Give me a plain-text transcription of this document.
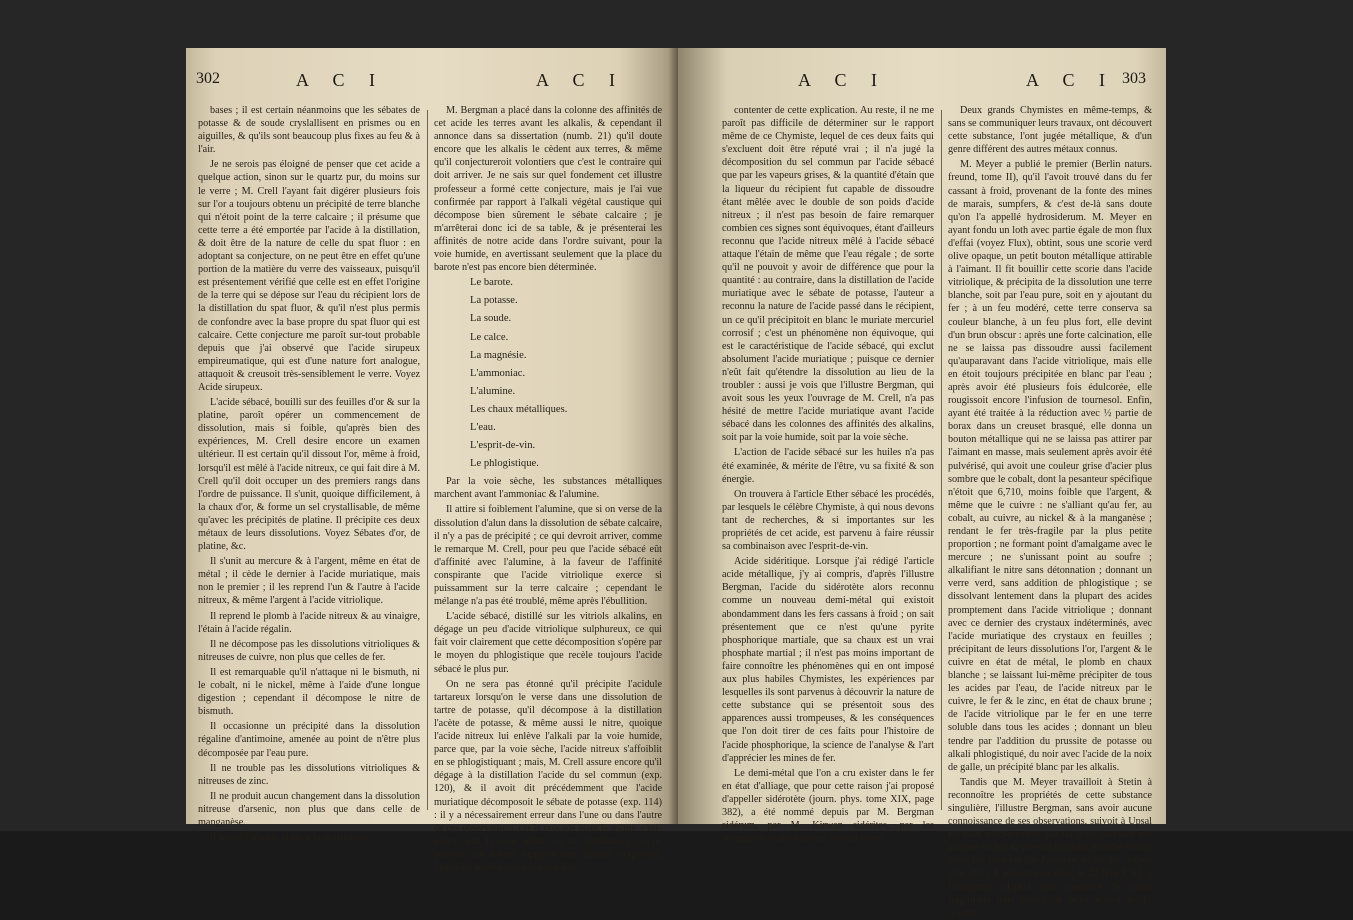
302	A C I	A C I

bases ; il est certain néanmoins que les sébates de potasse & de soude cryslallisent en prismes ou en aiguilles, & qu'ils sont beaucoup plus fixes au feu & à l'air.

Je ne serois pas éloigné de penser que cet acide a quelque action, sinon sur le quartz pur, du moins sur le verre ; M. Crell l'ayant fait digérer plusieurs fois sur l'or a toujours obtenu un précipité de terre blanche qui n'étoit point de la terre calcaire ; il présume que cette terre a été emportée par l'acide à la distillation, & doit être de la nature de celle du spat fluor : en adoptant sa conjecture, on ne peut être en effet qu'une portion de la matière du verre des vaisseaux, puisqu'il est présentement vérifié que celle est en effet l'origine de la terre qui se dépose sur l'eau du récipient lors de la distillation du spat fluor, & qu'il n'est plus permis de confondre avec la base propre du spat fluor qui est calcaire. Cette conjecture me paroît sur-tout probable depuis que j'ai observé que l'acide sirupeux empireumatique, qui est d'une nature fort analogue, attaquoit & creusoit très-sensiblement le verre. Voyez Acide sirupeux.

L'acide sébacé, bouilli sur des feuilles d'or & sur la platine, paroît opérer un commencement de dissolution, mais si foible, qu'après bien des expériences, M. Crell desire encore un examen ultérieur. Il est certain qu'il dissout l'or, même à froid, lorsqu'il est mêlé à l'acide nitreux, ce qui fait dire à M. Crell qu'il doit occuper un des premiers rangs dans l'ordre de puissance. Il s'unit, quoique difficilement, à la chaux d'or, & forme un sel crystallisable, de même qu'avec les précipités de platine. Il précipite ces deux métaux de leurs dissolutions. Voyez Sébates d'or, de platine, &c.

Il s'unit au mercure & à l'argent, même en état de métal ; il cède le dernier à l'acide muriatique, mais non le premier ; il les reprend l'un & l'autre à l'acide nitreux, & même l'argent à l'acide vitriolique.

Il reprend le plomb à l'acide nitreux & au vinaigre, l'étain à l'acide régalin.

Il ne décompose pas les dissolutions vitrioliques & nitreuses de cuivre, non plus que celles de fer.

Il est remarquable qu'il n'attaque ni le bismuth, ni le cobalt, ni le nickel, même à l'aide d'une longue digestion ; cependant il décompose le nitre de bismuth.

Il occasionne un précipité dans la dissolution régaline d'antimoine, amenée au point de n'être plus décomposée par l'eau pure.

Il ne trouble pas les dissolutions vitrioliques & nitreuses de zinc.

Il ne produit aucun changement dans la dissolution nitreuse d'arsenic, non plus que dans celle de manganèse.

Il réduit l'arsenic blanc à la distillation.

M. Bergman a placé dans la colonne des affinités de cet acide les terres avant les alkalis, & cependant il annonce dans sa dissertation (numb. 21) qu'il doute encore que les alkalis le cèdent aux terres, & même qu'il conjectureroit volontiers que c'est le contraire qui doit arriver. Je ne sais sur quel fondement cet illustre professeur a formé cette conjecture, mais je l'ai vue confirmée par rapport à l'alkali végétal caustique qui décompose bien sûrement le sébate calcaire ; je m'arrêterai donc ici de sa table, & je présenterai les affinités de notre acide dans l'ordre suivant, pour la voie humide, en avertissant seulement que la place du barote n'est pas encore bien déterminée.

Le barote.

La potasse.

La soude.

Le calce.

La magnésie.

L'ammoniac.

L'alumine.

Les chaux métalliques.

L'eau.

L'esprit-de-vin.

Le phlogistique.

Par la voie sèche, les substances métalliques marchent avant l'ammoniac & l'alumine.

Il attire si foiblement l'alumine, que si on verse de la dissolution d'alun dans la dissolution de sébate calcaire, il n'y a pas de précipité ; ce qui devroit arriver, comme le remarque M. Crell, pour peu que l'acide sébacé eût d'affinité avec l'alumine, à la faveur de l'affinité conspirante que l'acide vitriolique exerce si puissamment sur la terre calcaire ; cependant le mélange n'a pas été troublé, même après l'ébullition.

L'acide sébacé, distillé sur les vitriols alkalins, en dégage un peu d'acide vitriolique sulphureux, ce qui fait voir clairement que cette décomposition s'opère par le moyen du phlogistique que recèle toujours l'acide sébacé le plus pur.

On ne sera pas étonné qu'il précipite l'acidule tartareux lorsqu'on le verse dans une dissolution de tartre de potasse, qu'il décompose à la distillation l'acète de potasse, & même aussi le nitre, quoique l'acide nitreux lui enlève l'alkali par la voie humide, parce que, par la voie sèche, l'acide nitreux s'affoiblit en se phlogistiquant ; mais, M. Crell assure encore qu'il dégage à la distillation l'acide du sel commun (exp. 120), & il avoit dit précédemment que l'acide muriatique décomposoit le sébate de potasse (exp. 114) : il y a nécessairement erreur dans l'une ou dans l'autre de ces observations, car le procédé étant le même, c'est-à-dire, par la voie sèche ou de distillation, on ne pourroit pas même supposer une affinité réciproque, quand on feroit encore disposé à se

A C I	A C I 303

contenter de cette explication. Au reste, il ne me paroît pas difficile de déterminer sur le rapport même de ce Chymiste, lequel de ces deux faits qui s'excluent doit être réputé vrai ; il n'a jugé la décomposition du sel commun par l'acide sébacé que par les vapeurs grises, & la quantité d'étain que la liqueur du récipient fut capable de dissoudre étant mêlée avec le double de son poids d'acide nitreux ; il n'est pas besoin de faire remarquer combien ces signes sont équivoques, étant d'ailleurs reconnu que l'acide nitreux mêlé à l'acide sébacé attaque l'étain de même que l'eau régale ; de sorte qu'il ne pouvoit y avoir de différence que pour la quantité : au contraire, dans la distillation de l'acide muriatique avec le sébate de potasse, l'auteur a reconnu la nature de l'acide passé dans le récipient, un ce qu'il précipitoit en blanc le muriate mercuriel corrosif ; c'est un phénomène non équivoque, qui est le caractéristique de l'acide sébacé, qui exclut absolument l'acide muriatique ; puisque ce dernier n'eût fait qu'étendre la dissolution au lieu de la troubler : aussi je vois que l'illustre Bergman, qui avoit sous les yeux l'ouvrage de M. Crell, n'a pas hésité de mettre l'acide muriatique avant l'acide sébacé dans les colonnes des affinités des alkalins, soit par la voie humide, soit par la voie sèche.

L'action de l'acide sébacé sur les huiles n'a pas été examinée, & mérite de l'être, vu sa fixité & son énergie.

On trouvera à l'article Ether sébacé les procédés, par lesquels le célèbre Chymiste, à qui nous devons tant de recherches, & si importantes sur les propriétés de cet acide, est parvenu à faire réussir sa combinaison avec l'esprit-de-vin.

Acide sidéritique. Lorsque j'ai rédigé l'article acide métallique, j'y ai compris, d'après l'illustre Bergman, l'acide du sidérotète alors reconnu comme un nouveau demi-métal qui existoit abondamment dans les fers cassans à froid ; on sait présentement que ce n'est qu'une pyrite phosphorique martiale, que sa chaux est un vrai phosphate martial ; il n'est pas moins important de faire connoître les phénomènes qui en ont imposé aux plus habiles Chymistes, les expériences par lesquelles ils sont parvenus à découvrir la nature de cette substance qui se présentoit sous des apparences aussi trompeuses, & les conséquences que l'on doit tirer de ces faits pour l'histoire de l'acide phosphorique, la science de l'analyse & l'art d'apprécier les mines de fer.

Le demi-métal que l'on a cru exister dans le fer en état d'alliage, que pour cette raison j'ai proposé d'appeller sidérotète (journ. phys. tome XIX, page 382), a été nommé depuis par M. Bergman sidérum, par M. Kirwan sidérites, par les Allemands hydrosiderum, wasser eisen.

Deux grands Chymistes en même-temps, & sans se communiquer leurs travaux, ont découvert cette substance, l'ont jugée métallique, & d'un genre différent des autres métaux connus.

M. Meyer a publié le premier (Berlin naturs. freund, tome II), qu'il l'avoit trouvé dans du fer cassant à froid, provenant de la fonte des mines de marais, sumpfers, & c'est de-là sans doute qu'on l'a appellé hydrosiderum. M. Meyer en ayant fondu un loth avec partie égale de mon flux d'effai (voyez Flux), obtint, sous une scorie verd olive opaque, un petit bouton métallique attirable à l'aimant. Il fit bouillir cette scorie dans l'acide vitriolique, & précipita de la dissolution une terre blanche, soit par l'eau pure, soit en y ajoutant du fer ; à un feu modéré, cette terre conserva sa couleur blanche, à un feu plus fort, elle devint d'un brun obscur : après une forte calcination, elle ne se laissa pas dissoudre aussi facilement qu'auparavant dans l'acide vitriolique, mais elle en étoit toujours précipitée en blanc par l'eau ; après avoir été plusieurs fois édulcorée, elle rougissoit encore l'infusion de tournesol. Enfin, ayant été traitée à la réduction avec ½ partie de borax dans un creuset brasqué, elle donna un bouton métallique qui ne se laissa pas attirer par l'aimant en masse, mais seulement après avoir été pulvérisé, qui avoit une couleur grise d'acier plus sombre que le cobalt, dont la pesanteur spécifique n'étoit que 6,710, moins foible que l'argent, & même que le cuivre : ne s'alliant qu'au fer, au cobalt, au cuivre, au nickel & à la manganèse ; rendant le fer très-fragile par la plus petite proportion ; ne formant point d'amalgame avec le mercure ; ne s'unissant point au soufre ; alkalifiant le nitre sans détonnation ; donnant un verre verd, sans addition de phlogistique ; se dissolvant lentement dans la plupart des acides promptement dans l'acide vitriolique ; donnant avec ce dernier des crystaux indéterminés, avec l'acide muriatique des crystaux en feuilles ; précipitant de leurs dissolutions l'or, l'argent & le cuivre en état de métal, le plomb en chaux blanche ; se laissant lui-même précipiter de tous les acides par l'eau, de l'acide nitreux par le cuivre, le fer & le zinc, en état de chaux brune ; de l'acide vitriolique par le fer en une terre soluble dans tous les acides ; donnant un bleu tendre par l'addition du prussite de potasse ou alkali phlogistiqué, du noir avec l'acide de la noix de galle, un précipité blanc par les alkalis.

Tandis que M. Meyer travailloit à Stetin à reconnoître les propriétés de cette substance singulière, l'illustre Bergman, sans avoir aucune connoissance de ses observations, suivoit à Upsal les vues d'expériences que lui avoit fournies son analyse du fer, & sur-tout la chaux blanche dont il avoit fait mention (de l'analyse du fer, &c. exper. 264, 268). Il présenta en effet, le 22 juin 1781, à l'académie d'Upsal, son mémoire de causâ fragilitatis ferri frigidi, & m'en écrivit le 12 octobre
